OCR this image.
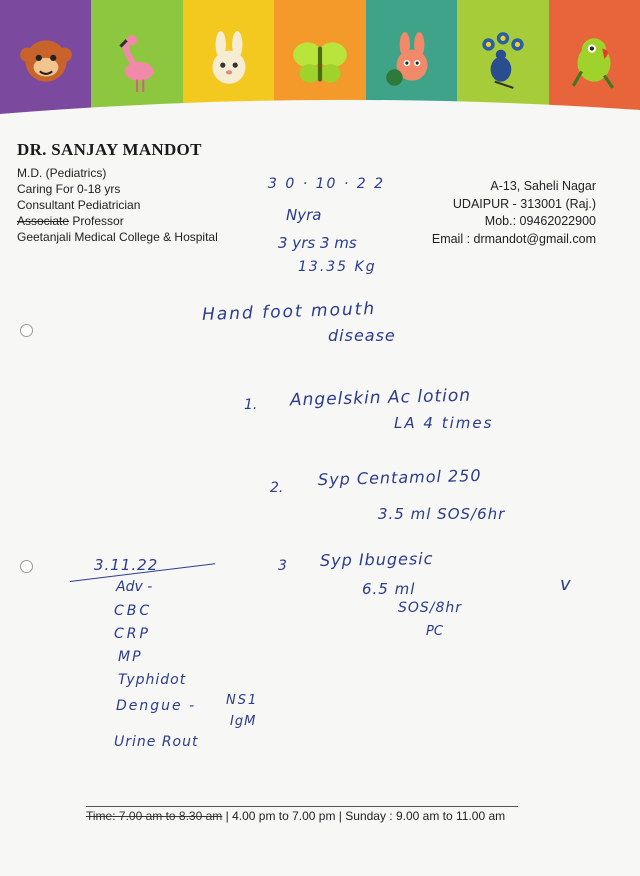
DR. SANJAY MANDOT
M.D. (Pediatrics)
Caring For 0-18 yrs
Consultant Pediatrician
Associate Professor
Geetanjali Medical College & Hospital
A-13, Saheli Nagar
UDAIPUR - 313001 (Raj.)
Mob.: 09462022900
Email : drmandot@gmail.com
3 0 · 10 · 2 2
Nyra
3 yrs 3 ms
13.35 Kg
Hand foot mouth
disease
1. Angelskin Ac lotion
LA 4 times
2. Syp Centamol 250
3.5 ml SOS/6hr
3 Syp Ibugesic
6.5 ml
SOS/8hr
PC
v
3.11.22
Adv -
CBC
CRP
MP
Typhidot
Dengue - NS1
IgM
Urine Rout
Time: 7.00 am to 8.30 am | 4.00 pm to 7.00 pm | Sunday : 9.00 am to 11.00 am
